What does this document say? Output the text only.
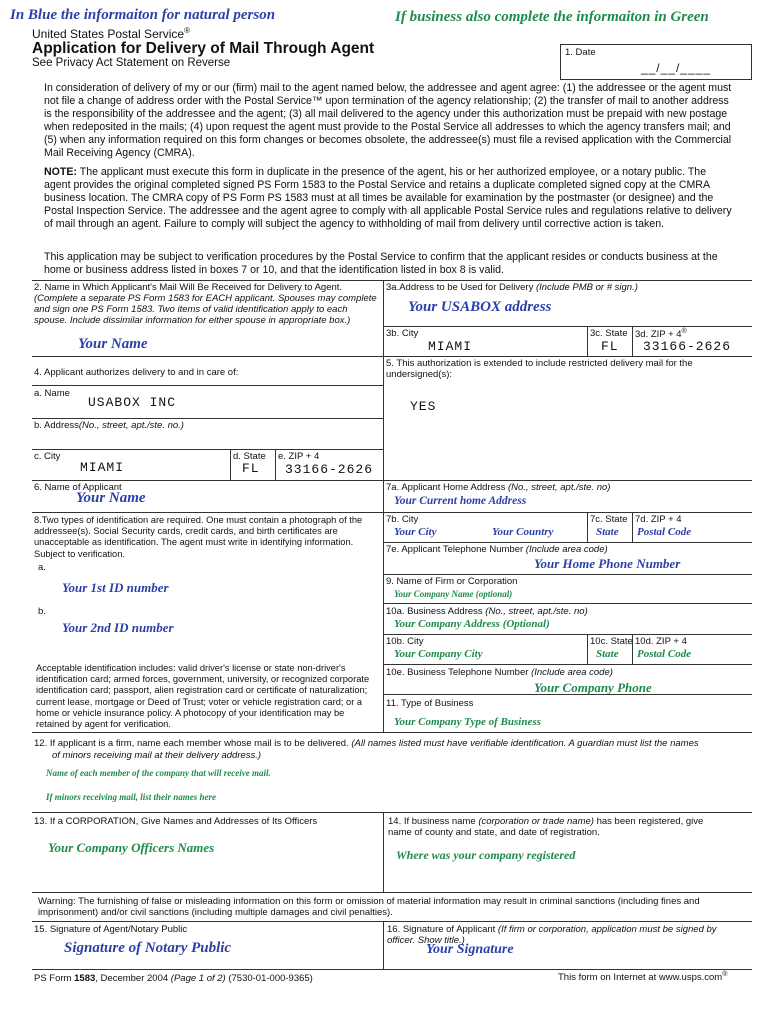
In Blue the informaiton for natural person	If business also complete the informaiton in Green
United States Postal Service®
Application for Delivery of Mail Through Agent
See Privacy Act Statement on Reverse
1. Date
__/__/____
In consideration of delivery of my or our (firm) mail to the agent named below, the addressee and agent agree: (1) the addressee or the agent must not file a change of address order with the Postal Service™ upon termination of the agency relationship; (2) the transfer of mail to another address is the responsibility of the addressee and the agent; (3) all mail delivered to the agency under this authorization must be prepaid with new postage when redeposited in the mails; (4) upon request the agent must provide to the Postal Service all addresses to which the agency transfers mail; and (5) when any information required on this form changes or becomes obsolete, the addressee(s) must file a revised application with the Commercial Mail Receiving Agency (CMRA).
NOTE: The applicant must execute this form in duplicate in the presence of the agent, his or her authorized employee, or a notary public. The agent provides the original completed signed PS Form 1583 to the Postal Service and retains a duplicate completed signed copy at the CMRA business location. The CMRA copy of PS Form PS 1583 must at all times be available for examination by the postmaster (or designee) and the Postal Inspection Service. The addressee and the agent agree to comply with all applicable Postal Service rules and regulations relative to delivery of mail through an agent. Failure to comply will subject the agency to withholding of mail from delivery until corrective action is taken.
This application may be subject to verification procedures by the Postal Service to confirm that the applicant resides or conducts business at the home or business address listed in boxes 7 or 10, and that the identification listed in box 8 is valid.
2. Name in Which Applicant's Mail Will Be Received for Delivery to Agent.
(Complete a separate PS Form 1583 for EACH applicant. Spouses may complete and sign one PS Form 1583. Two items of valid identification apply to each spouse. Include dissimilar information for either spouse in appropriate box.)
Your Name
3a.Address to be Used for Delivery (Include PMB or # sign.)
Your USABOX address
3b. City
MIAMI
3c. State
FL
3d. ZIP + 4®
33166-2626
4. Applicant authorizes delivery to and in care of:
5. This authorization is extended to include restricted delivery mail for the undersigned(s):
YES
a. Name
USABOX INC
b. Address(No., street, apt./ste. no.)
c. City
MIAMI
d. State
FL
e. ZIP + 4
33166-2626
6. Name of Applicant
Your Name
7a. Applicant Home Address (No., street, apt./ste. no)
Your Current home Address
8.Two types of identification are required. One must contain a photograph of the addressee(s). Social Security cards, credit cards, and birth certificates are unacceptable as identification. The agent must write in identifying information. Subject to verification.
a.
Your 1st ID number
b.
Your 2nd ID number
Acceptable identification includes: valid driver's license or state non-driver's identification card; armed forces, government, university, or recognized corporate identification card; passport, alien registration card or certificate of naturalization; current lease, mortgage or Deed of Trust; voter or vehicle registration card; or a home or vehicle insurance policy. A photocopy of your identification may be retained by agent for verification.
7b. City
Your City	Your Country
7c. State
State
7d. ZIP + 4
Postal Code
7e. Applicant Telephone Number (Include area code)
Your Home Phone Number
9. Name of Firm or Corporation
Your Company Name (optional)
10a. Business Address (No., street, apt./ste. no)
Your Company Address (Optional)
10b. City
Your Company City
10c. State
State
10d. ZIP + 4
Postal Code
10e. Business Telephone Number (Include area code)
Your Company Phone
11. Type of Business
Your Company Type of Business
12. If applicant is a firm, name each member whose mail is to be delivered. (All names listed must have verifiable identification. A guardian must list the names
of minors receiving mail at their delivery address.)
Name of each member of the company that will receive mail.
If minors receiving mail, list their names here
13. If a CORPORATION, Give Names and Addresses of Its Officers
Your Company Officers Names
14. If business name (corporation or trade name) has been registered, give name of county and state, and date of registration.
Where was your company registered
Warning: The furnishing of false or misleading information on this form or omission of material information may result in criminal sanctions (including fines and imprisonment) and/or civil sanctions (including multiple damages and civil penalties).
15. Signature of Agent/Notary Public
Signature of Notary Public
16. Signature of Applicant (If firm or corporation, application must be signed by officer. Show title.)
Your Signature
PS Form 1583, December 2004 (Page 1 of 2) (7530-01-000-9365)	This form on Internet at www.usps.com®
